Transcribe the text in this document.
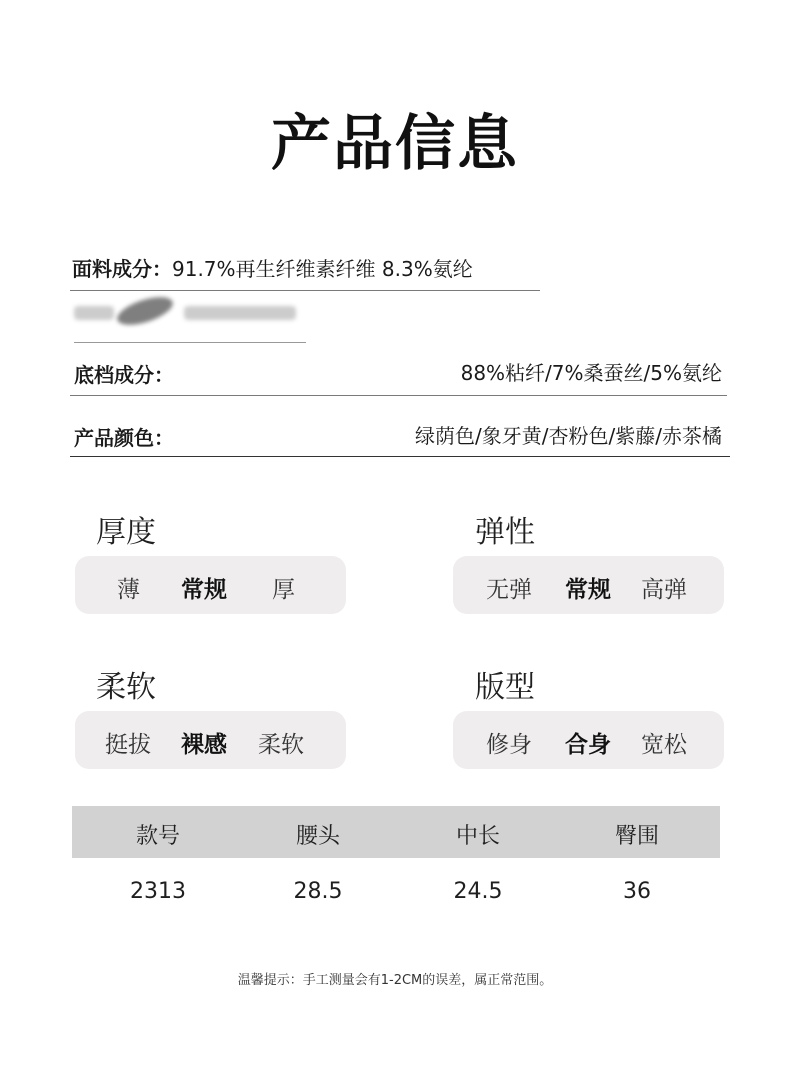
产品信息
面料成分： 91.7%再生纤维素纤维 8.3%氨纶
底档成分：	88%粘纤/7%桑蚕丝/5%氨纶
产品颜色：	绿荫色/象牙黄/杏粉色/紫藤/赤茶橘
厚度
薄 常规 厚
弹性
无弹 常规 高弹
柔软
挺拔 裸感 柔软
版型
修身 合身 宽松
款号	腰头	中长	臀围
2313	28.5	24.5	36
温馨提示：手工测量会有1-2CM的误差，属正常范围。
